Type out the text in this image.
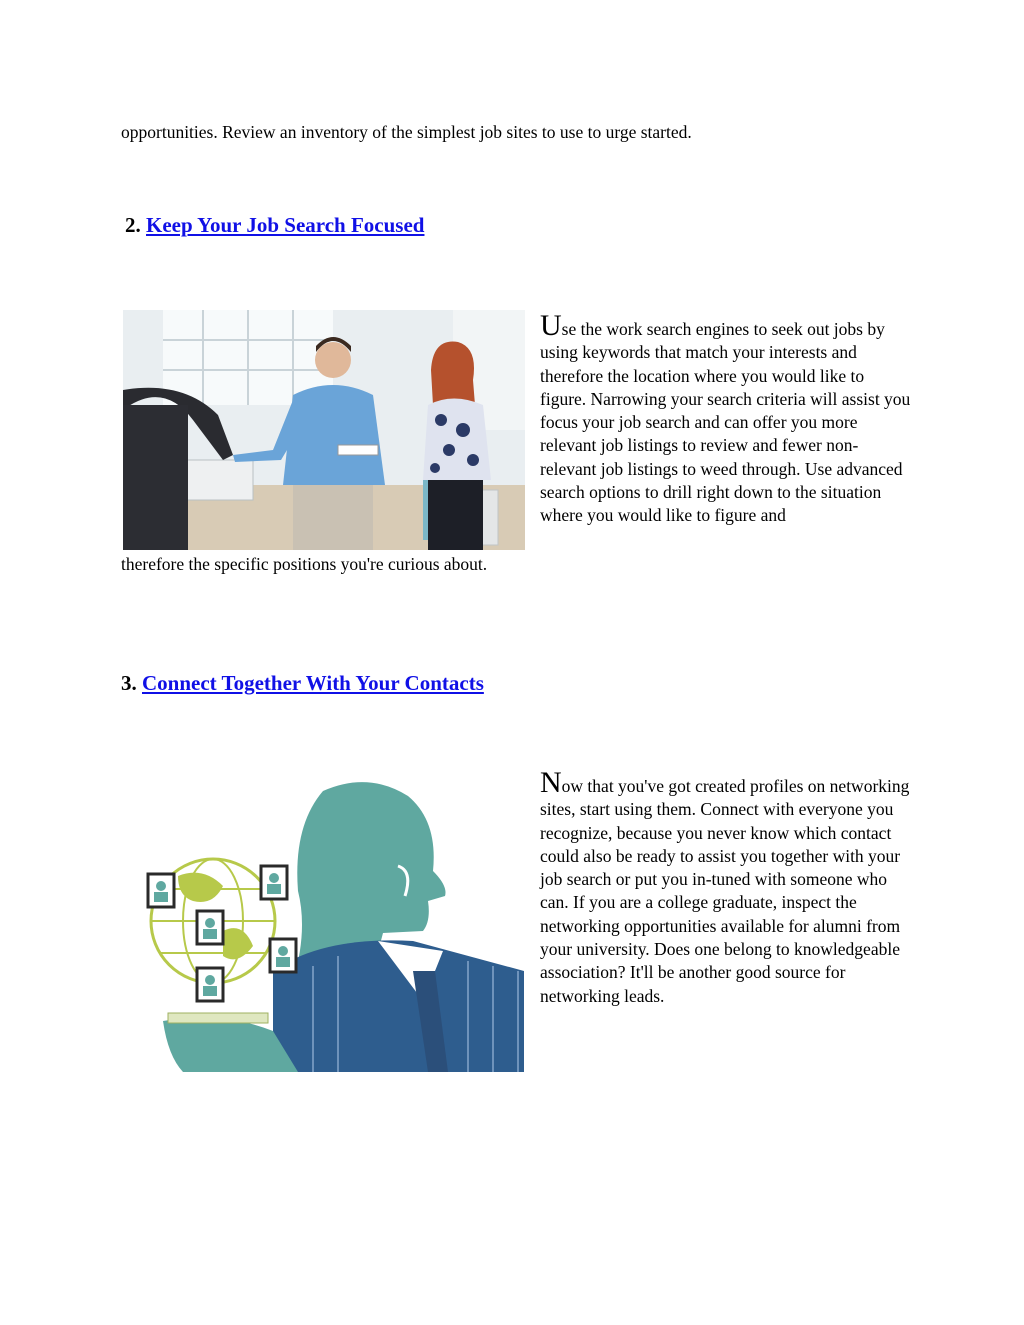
opportunities. Review an inventory of the simplest job sites to use to urge started.

2. Keep Your Job Search Focused
Use the work search engines to seek out jobs by using keywords that match your interests and therefore the location where you would like to figure. Narrowing your search criteria will assist you focus your job search and can offer you more relevant job listings to review and fewer non-relevant job listings to weed through. Use advanced search options to drill right down to the situation where you would like to figure and

therefore the specific positions you're curious about.

3. Connect Together With Your Contacts
Now that you've got created profiles on networking sites, start using them. Connect with everyone you recognize, because you never know which contact could also be ready to assist you together with your job search or put you in-tuned with someone who can. If you are a college graduate, inspect the networking opportunities available for alumni from your university. Does one belong to knowledgeable association? It'll be another good source for networking leads.
